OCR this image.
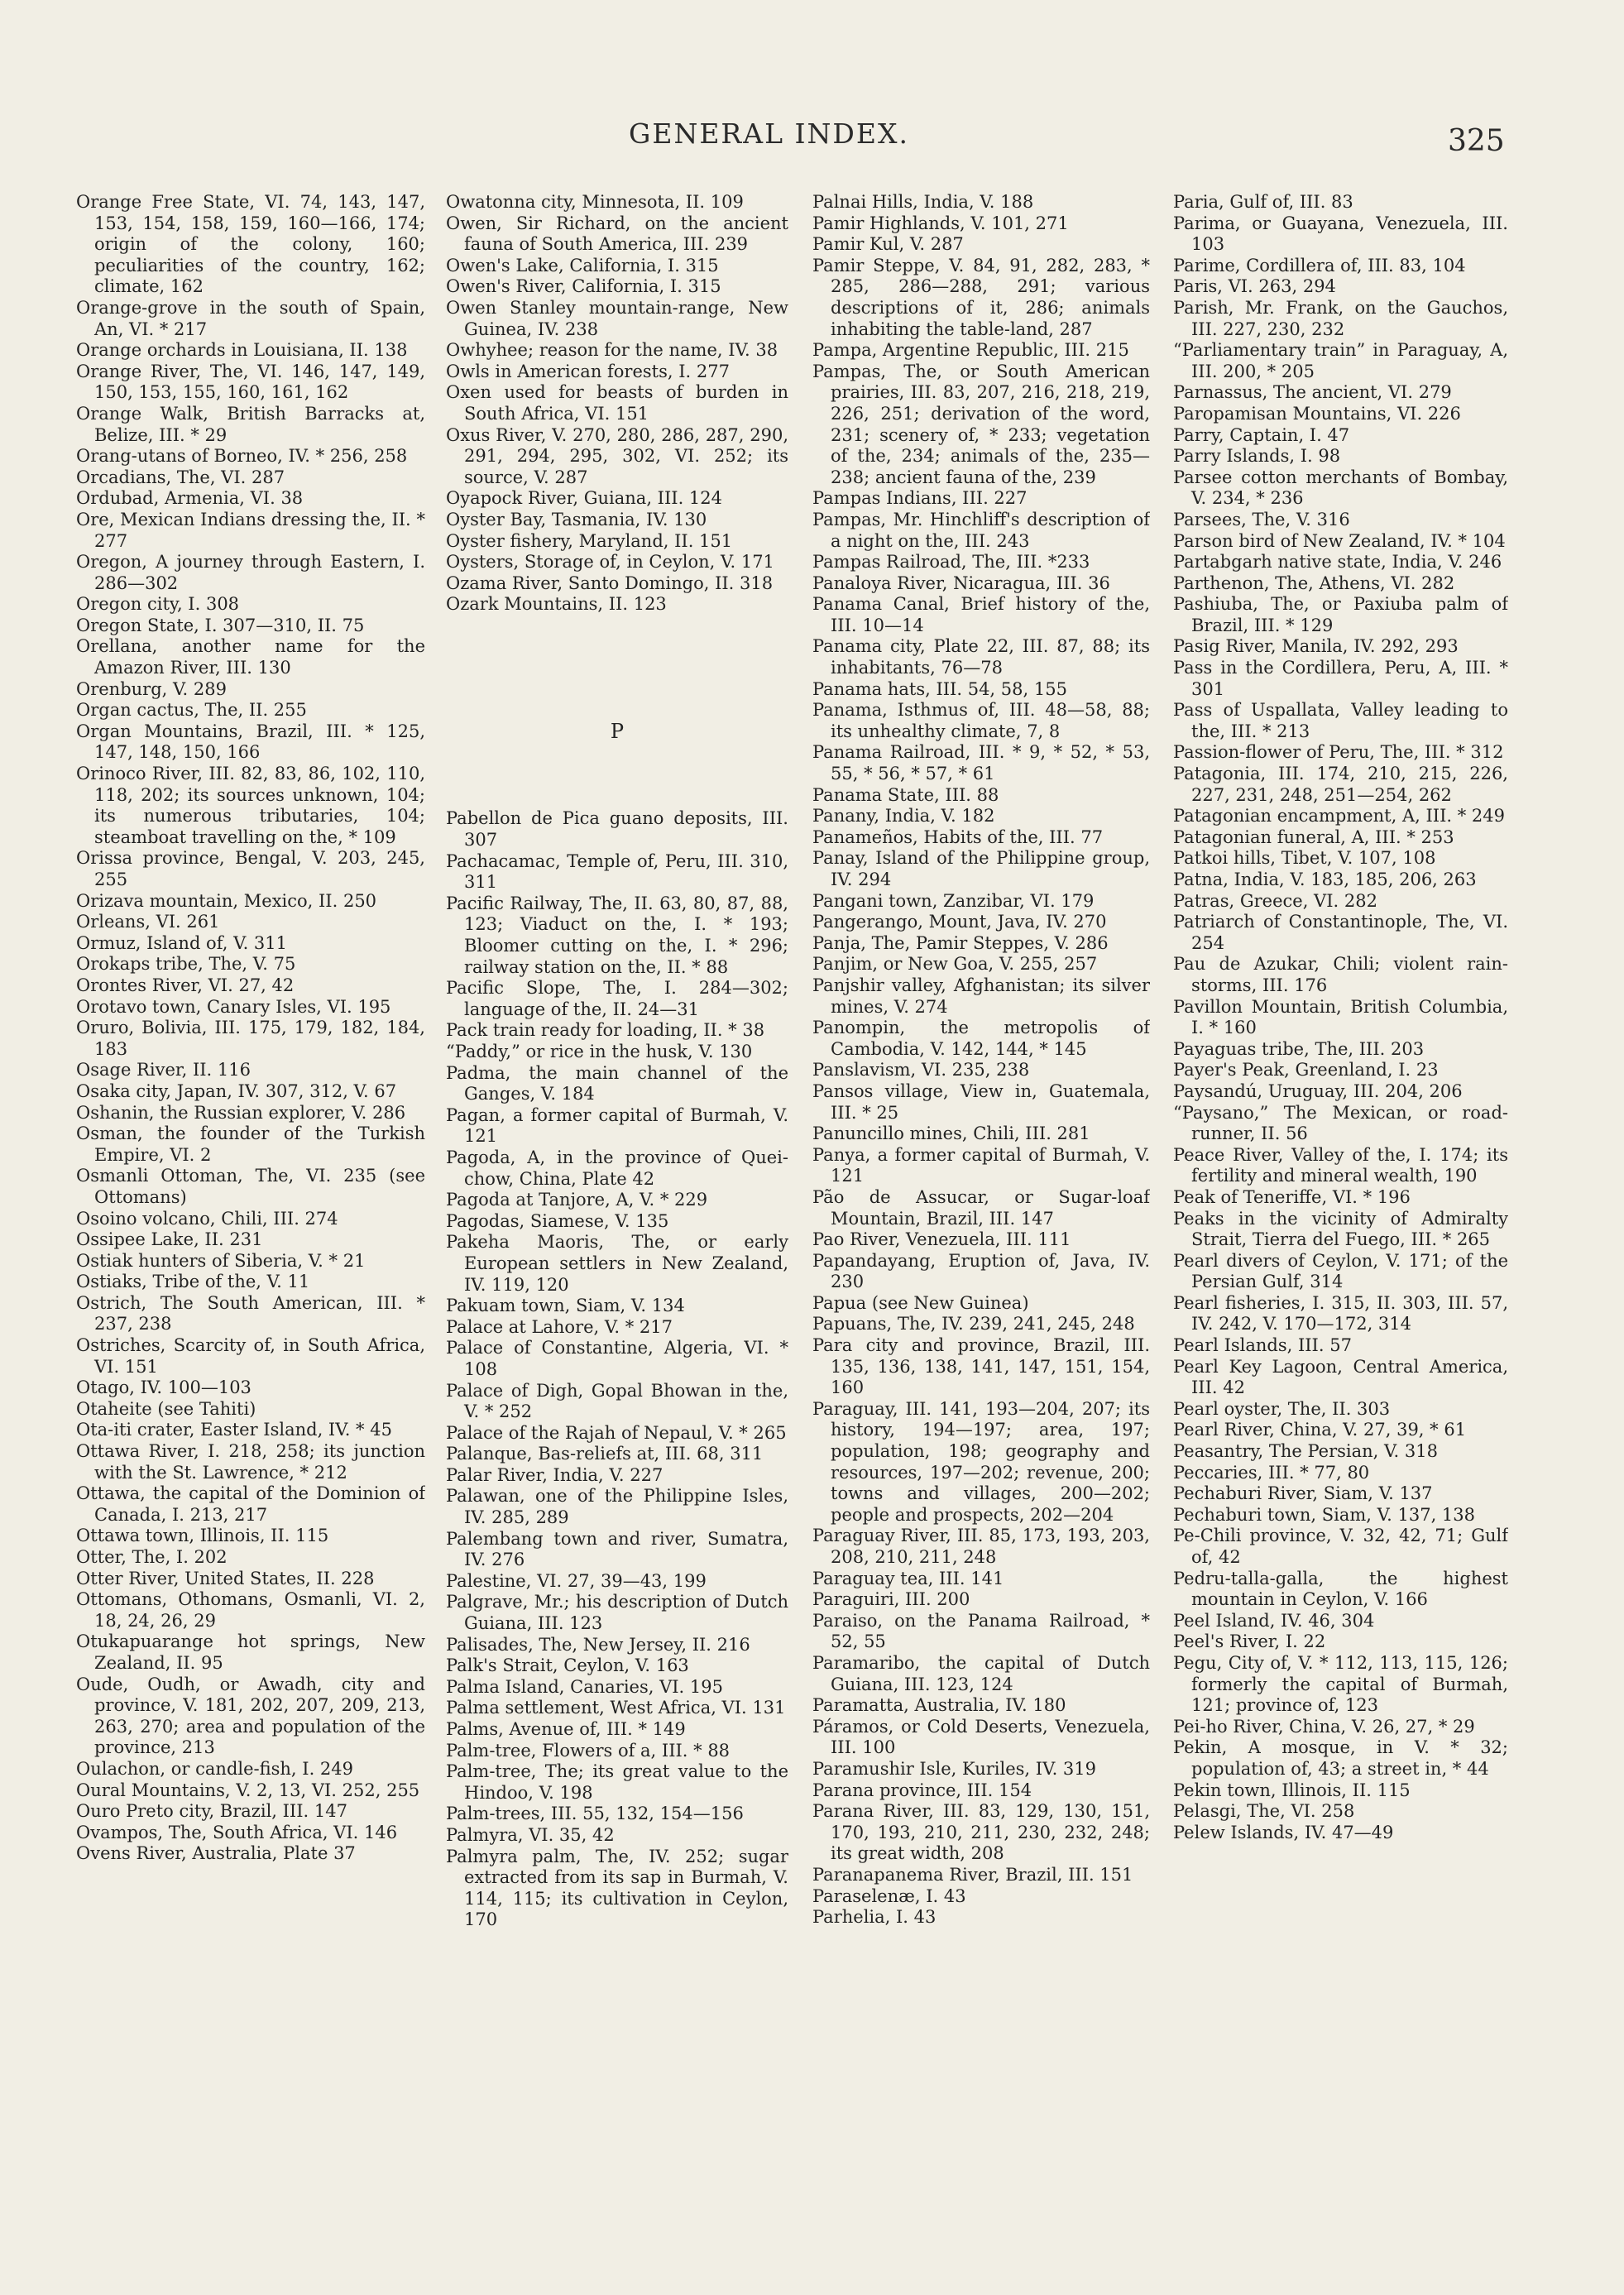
GENERAL INDEX.	325
Orange Free State, VI. 74, 143, 147, 153, 154, 158, 159, 160—166, 174; origin of the colony, 160; peculiarities of the country, 162; climate, 162
Orange-grove in the south of Spain, An, VI. * 217
Orange orchards in Louisiana, II. 138
Orange River, The, VI. 146, 147, 149, 150, 153, 155, 160, 161, 162
Orange Walk, British Barracks at, Belize, III. * 29
Orang-utans of Borneo, IV. * 256, 258
Orcadians, The, VI. 287
Ordubad, Armenia, VI. 38
Ore, Mexican Indians dressing the, II. * 277
Oregon, A journey through Eastern, I. 286—302
Oregon city, I. 308
Oregon State, I. 307—310, II. 75
Orellana, another name for the Amazon River, III. 130
Orenburg, V. 289
Organ cactus, The, II. 255
Organ Mountains, Brazil, III. * 125, 147, 148, 150, 166
Orinoco River, III. 82, 83, 86, 102, 110, 118, 202; its sources unknown, 104; its numerous tributaries, 104; steamboat travelling on the, * 109
Orissa province, Bengal, V. 203, 245, 255
Orizava mountain, Mexico, II. 250
Orleans, VI. 261
Ormuz, Island of, V. 311
Orokaps tribe, The, V. 75
Orontes River, VI. 27, 42
Orotavo town, Canary Isles, VI. 195
Oruro, Bolivia, III. 175, 179, 182, 184, 183
Osage River, II. 116
Osaka city, Japan, IV. 307, 312, V. 67
Oshanin, the Russian explorer, V. 286
Osman, the founder of the Turkish Empire, VI. 2
Osmanli Ottoman, The, VI. 235 (see Ottomans)
Osoino volcano, Chili, III. 274
Ossipee Lake, II. 231
Ostiak hunters of Siberia, V. * 21
Ostiaks, Tribe of the, V. 11
Ostrich, The South American, III. * 237, 238
Ostriches, Scarcity of, in South Africa, VI. 151
Otago, IV. 100—103
Otaheite (see Tahiti)
Ota-iti crater, Easter Island, IV. * 45
Ottawa River, I. 218, 258; its junction with the St. Lawrence, * 212
Ottawa, the capital of the Dominion of Canada, I. 213, 217
Ottawa town, Illinois, II. 115
Otter, The, I. 202
Otter River, United States, II. 228
Ottomans, Othomans, Osmanli, VI. 2, 18, 24, 26, 29
Otukapuarange hot springs, New Zealand, II. 95
Oude, Oudh, or Awadh, city and province, V. 181, 202, 207, 209, 213, 263, 270; area and population of the province, 213
Oulachon, or candle-fish, I. 249
Oural Mountains, V. 2, 13, VI. 252, 255
Ouro Preto city, Brazil, III. 147
Ovampos, The, South Africa, VI. 146
Ovens River, Australia, Plate 37
Owatonna city, Minnesota, II. 109
Owen, Sir Richard, on the ancient fauna of South America, III. 239
Owen's Lake, California, I. 315
Owen's River, California, I. 315
Owen Stanley mountain-range, New Guinea, IV. 238
Owhyhee; reason for the name, IV. 38
Owls in American forests, I. 277
Oxen used for beasts of burden in South Africa, VI. 151
Oxus River, V. 270, 280, 286, 287, 290, 291, 294, 295, 302, VI. 252; its source, V. 287
Oyapock River, Guiana, III. 124
Oyster Bay, Tasmania, IV. 130
Oyster fishery, Maryland, II. 151
Oysters, Storage of, in Ceylon, V. 171
Ozama River, Santo Domingo, II. 318
Ozark Mountains, II. 123
P
Pabellon de Pica guano deposits, III. 307
Pachacamac, Temple of, Peru, III. 310, 311
Pacific Railway, The, II. 63, 80, 87, 88, 123; Viaduct on the, I. * 193; Bloomer cutting on the, I. * 296; railway station on the, II. * 88
Pacific Slope, The, I. 284—302; language of the, II. 24—31
Pack train ready for loading, II. * 38
“Paddy,” or rice in the husk, V. 130
Padma, the main channel of the Ganges, V. 184
Pagan, a former capital of Burmah, V. 121
Pagoda, A, in the province of Quei-chow, China, Plate 42
Pagoda at Tanjore, A, V. * 229
Pagodas, Siamese, V. 135
Pakeha Maoris, The, or early European settlers in New Zealand, IV. 119, 120
Pakuam town, Siam, V. 134
Palace at Lahore, V. * 217
Palace of Constantine, Algeria, VI. * 108
Palace of Digh, Gopal Bhowan in the, V. * 252
Palace of the Rajah of Nepaul, V. * 265
Palanque, Bas-reliefs at, III. 68, 311
Palar River, India, V. 227
Palawan, one of the Philippine Isles, IV. 285, 289
Palembang town and river, Sumatra, IV. 276
Palestine, VI. 27, 39—43, 199
Palgrave, Mr.; his description of Dutch Guiana, III. 123
Palisades, The, New Jersey, II. 216
Palk's Strait, Ceylon, V. 163
Palma Island, Canaries, VI. 195
Palma settlement, West Africa, VI. 131
Palms, Avenue of, III. * 149
Palm-tree, Flowers of a, III. * 88
Palm-tree, The; its great value to the Hindoo, V. 198
Palm-trees, III. 55, 132, 154—156
Palmyra, VI. 35, 42
Palmyra palm, The, IV. 252; sugar extracted from its sap in Burmah, V. 114, 115; its cultivation in Ceylon, 170
Palnai Hills, India, V. 188
Pamir Highlands, V. 101, 271
Pamir Kul, V. 287
Pamir Steppe, V. 84, 91, 282, 283, * 285, 286—288, 291; various descriptions of it, 286; animals inhabiting the table-land, 287
Pampa, Argentine Republic, III. 215
Pampas, The, or South American prairies, III. 83, 207, 216, 218, 219, 226, 251; derivation of the word, 231; scenery of, * 233; vegetation of the, 234; animals of the, 235—238; ancient fauna of the, 239
Pampas Indians, III. 227
Pampas, Mr. Hinchliff's description of a night on the, III. 243
Pampas Railroad, The, III. *233
Panaloya River, Nicaragua, III. 36
Panama Canal, Brief history of the, III. 10—14
Panama city, Plate 22, III. 87, 88; its inhabitants, 76—78
Panama hats, III. 54, 58, 155
Panama, Isthmus of, III. 48—58, 88; its unhealthy climate, 7, 8
Panama Railroad, III. * 9, * 52, * 53, 55, * 56, * 57, * 61
Panama State, III. 88
Panany, India, V. 182
Panameños, Habits of the, III. 77
Panay, Island of the Philippine group, IV. 294
Pangani town, Zanzibar, VI. 179
Pangerango, Mount, Java, IV. 270
Panja, The, Pamir Steppes, V. 286
Panjim, or New Goa, V. 255, 257
Panjshir valley, Afghanistan; its silver mines, V. 274
Panompin, the metropolis of Cambodia, V. 142, 144, * 145
Panslavism, VI. 235, 238
Pansos village, View in, Guatemala, III. * 25
Panuncillo mines, Chili, III. 281
Panya, a former capital of Burmah, V. 121
Pão de Assucar, or Sugar-loaf Mountain, Brazil, III. 147
Pao River, Venezuela, III. 111
Papandayang, Eruption of, Java, IV. 230
Papua (see New Guinea)
Papuans, The, IV. 239, 241, 245, 248
Para city and province, Brazil, III. 135, 136, 138, 141, 147, 151, 154, 160
Paraguay, III. 141, 193—204, 207; its history, 194—197; area, 197; population, 198; geography and resources, 197—202; revenue, 200; towns and villages, 200—202; people and prospects, 202—204
Paraguay River, III. 85, 173, 193, 203, 208, 210, 211, 248
Paraguay tea, III. 141
Paraguiri, III. 200
Paraiso, on the Panama Railroad, * 52, 55
Paramaribo, the capital of Dutch Guiana, III. 123, 124
Paramatta, Australia, IV. 180
Páramos, or Cold Deserts, Venezuela, III. 100
Paramushir Isle, Kuriles, IV. 319
Parana province, III. 154
Parana River, III. 83, 129, 130, 151, 170, 193, 210, 211, 230, 232, 248; its great width, 208
Paranapanema River, Brazil, III. 151
Paraselenæ, I. 43
Parhelia, I. 43
Paria, Gulf of, III. 83
Parima, or Guayana, Venezuela, III. 103
Parime, Cordillera of, III. 83, 104
Paris, VI. 263, 294
Parish, Mr. Frank, on the Gauchos, III. 227, 230, 232
“Parliamentary train” in Paraguay, A, III. 200, * 205
Parnassus, The ancient, VI. 279
Paropamisan Mountains, VI. 226
Parry, Captain, I. 47
Parry Islands, I. 98
Parsee cotton merchants of Bombay, V. 234, * 236
Parsees, The, V. 316
Parson bird of New Zealand, IV. * 104
Partabgarh native state, India, V. 246
Parthenon, The, Athens, VI. 282
Pashiuba, The, or Paxiuba palm of Brazil, III. * 129
Pasig River, Manila, IV. 292, 293
Pass in the Cordillera, Peru, A, III. * 301
Pass of Uspallata, Valley leading to the, III. * 213
Passion-flower of Peru, The, III. * 312
Patagonia, III. 174, 210, 215, 226, 227, 231, 248, 251—254, 262
Patagonian encampment, A, III. * 249
Patagonian funeral, A, III. * 253
Patkoi hills, Tibet, V. 107, 108
Patna, India, V. 183, 185, 206, 263
Patras, Greece, VI. 282
Patriarch of Constantinople, The, VI. 254
Pau de Azukar, Chili; violent rain-storms, III. 176
Pavillon Mountain, British Columbia, I. * 160
Payaguas tribe, The, III. 203
Payer's Peak, Greenland, I. 23
Paysandú, Uruguay, III. 204, 206
“Paysano,” The Mexican, or road-runner, II. 56
Peace River, Valley of the, I. 174; its fertility and mineral wealth, 190
Peak of Teneriffe, VI. * 196
Peaks in the vicinity of Admiralty Strait, Tierra del Fuego, III. * 265
Pearl divers of Ceylon, V. 171; of the Persian Gulf, 314
Pearl fisheries, I. 315, II. 303, III. 57, IV. 242, V. 170—172, 314
Pearl Islands, III. 57
Pearl Key Lagoon, Central America, III. 42
Pearl oyster, The, II. 303
Pearl River, China, V. 27, 39, * 61
Peasantry, The Persian, V. 318
Peccaries, III. * 77, 80
Pechaburi River, Siam, V. 137
Pechaburi town, Siam, V. 137, 138
Pe-Chili province, V. 32, 42, 71; Gulf of, 42
Pedru-talla-galla, the highest mountain in Ceylon, V. 166
Peel Island, IV. 46, 304
Peel's River, I. 22
Pegu, City of, V. * 112, 113, 115, 126; formerly the capital of Burmah, 121; province of, 123
Pei-ho River, China, V. 26, 27, * 29
Pekin, A mosque, in V. * 32; population of, 43; a street in, * 44
Pekin town, Illinois, II. 115
Pelasgi, The, VI. 258
Pelew Islands, IV. 47—49
